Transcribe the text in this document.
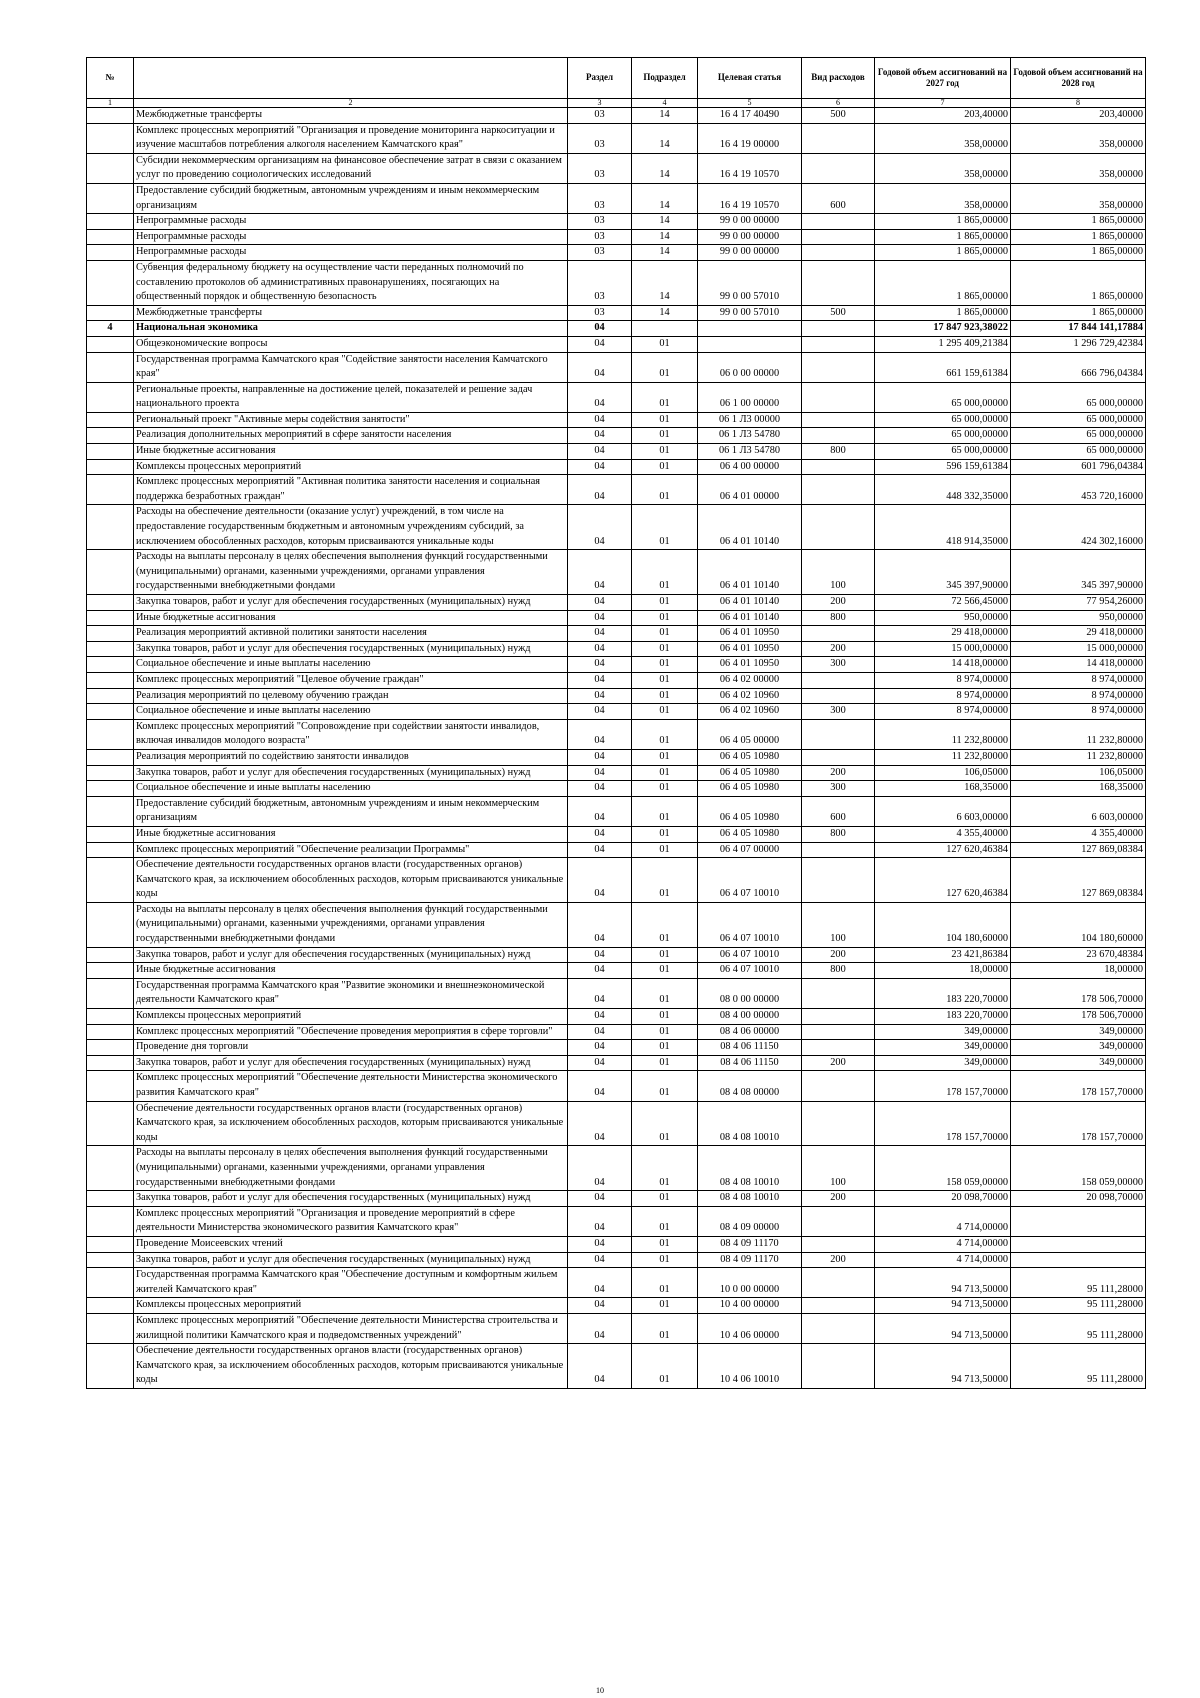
№		Раздел	Подраздел	Целевая статья	Вид расходов	Годовой объем ассигнований на 2027 год	Годовой объем ассигнований на 2028 год
1	2	3	4	5	6	7	8
	Межбюджетные трансферты	03	14	16 4 17 40490	500	203,40000	203,40000
	Комплекс процессных мероприятий "Организация и проведение мониторинга наркоситуации и изучение масштабов потребления алкоголя населением Камчатского края"	03	14	16 4 19 00000		358,00000	358,00000
	Субсидии некоммерческим организациям на финансовое обеспечение затрат в связи с оказанием услуг по проведению социологических исследований	03	14	16 4 19 10570		358,00000	358,00000
	Предоставление субсидий бюджетным, автономным учреждениям и иным некоммерческим организациям	03	14	16 4 19 10570	600	358,00000	358,00000
	Непрограммные расходы	03	14	99 0 00 00000		1 865,00000	1 865,00000
	Непрограммные расходы	03	14	99 0 00 00000		1 865,00000	1 865,00000
	Непрограммные расходы	03	14	99 0 00 00000		1 865,00000	1 865,00000
	Субвенция федеральному бюджету на осуществление части переданных полномочий по составлению протоколов об административных правонарушениях, посягающих на общественный порядок и общественную безопасность	03	14	99 0 00 57010		1 865,00000	1 865,00000
	Межбюджетные трансферты	03	14	99 0 00 57010	500	1 865,00000	1 865,00000
4	Национальная экономика	04				17 847 923,38022	17 844 141,17884
	Общеэкономические вопросы	04	01			1 295 409,21384	1 296 729,42384
	Государственная программа Камчатского края "Содействие занятости населения Камчатского края"	04	01	06 0 00 00000		661 159,61384	666 796,04384
	Региональные проекты, направленные на достижение целей, показателей и решение задач национального проекта	04	01	06 1 00 00000		65 000,00000	65 000,00000
	Региональный проект "Активные меры содействия занятости"	04	01	06 1 Л3 00000		65 000,00000	65 000,00000
	Реализация дополнительных мероприятий в сфере занятости населения	04	01	06 1 Л3 54780		65 000,00000	65 000,00000
	Иные бюджетные ассигнования	04	01	06 1 Л3 54780	800	65 000,00000	65 000,00000
	Комплексы процессных мероприятий	04	01	06 4 00 00000		596 159,61384	601 796,04384
	Комплекс процессных мероприятий "Активная политика занятости населения и социальная поддержка безработных граждан"	04	01	06 4 01 00000		448 332,35000	453 720,16000
	Расходы на обеспечение деятельности (оказание услуг) учреждений, в том числе на предоставление государственным бюджетным и автономным учреждениям субсидий, за исключением обособленных расходов, которым присваиваются уникальные коды	04	01	06 4 01 10140		418 914,35000	424 302,16000
	Расходы на выплаты персоналу в целях обеспечения выполнения функций государственными (муниципальными) органами, казенными учреждениями, органами управления государственными внебюджетными фондами	04	01	06 4 01 10140	100	345 397,90000	345 397,90000
	Закупка товаров, работ и услуг для обеспечения государственных (муниципальных) нужд	04	01	06 4 01 10140	200	72 566,45000	77 954,26000
	Иные бюджетные ассигнования	04	01	06 4 01 10140	800	950,00000	950,00000
	Реализация мероприятий активной политики занятости населения	04	01	06 4 01 10950		29 418,00000	29 418,00000
	Закупка товаров, работ и услуг для обеспечения государственных (муниципальных) нужд	04	01	06 4 01 10950	200	15 000,00000	15 000,00000
	Социальное обеспечение и иные выплаты населению	04	01	06 4 01 10950	300	14 418,00000	14 418,00000
	Комплекс процессных мероприятий "Целевое обучение граждан"	04	01	06 4 02 00000		8 974,00000	8 974,00000
	Реализация мероприятий по целевому обучению граждан	04	01	06 4 02 10960		8 974,00000	8 974,00000
	Социальное обеспечение и иные выплаты населению	04	01	06 4 02 10960	300	8 974,00000	8 974,00000
	Комплекс процессных мероприятий "Сопровождение при содействии занятости инвалидов, включая инвалидов молодого возраста"	04	01	06 4 05 00000		11 232,80000	11 232,80000
	Реализация мероприятий по содействию занятости инвалидов	04	01	06 4 05 10980		11 232,80000	11 232,80000
	Закупка товаров, работ и услуг для обеспечения государственных (муниципальных) нужд	04	01	06 4 05 10980	200	106,05000	106,05000
	Социальное обеспечение и иные выплаты населению	04	01	06 4 05 10980	300	168,35000	168,35000
	Предоставление субсидий бюджетным, автономным учреждениям и иным некоммерческим организациям	04	01	06 4 05 10980	600	6 603,00000	6 603,00000
	Иные бюджетные ассигнования	04	01	06 4 05 10980	800	4 355,40000	4 355,40000
	Комплекс процессных мероприятий "Обеспечение реализации Программы"	04	01	06 4 07 00000		127 620,46384	127 869,08384
	Обеспечение деятельности государственных органов власти (государственных органов) Камчатского края, за исключением обособленных расходов, которым присваиваются уникальные коды	04	01	06 4 07 10010		127 620,46384	127 869,08384
	Расходы на выплаты персоналу в целях обеспечения выполнения функций государственными (муниципальными) органами, казенными учреждениями, органами управления государственными внебюджетными фондами	04	01	06 4 07 10010	100	104 180,60000	104 180,60000
	Закупка товаров, работ и услуг для обеспечения государственных (муниципальных) нужд	04	01	06 4 07 10010	200	23 421,86384	23 670,48384
	Иные бюджетные ассигнования	04	01	06 4 07 10010	800	18,00000	18,00000
	Государственная программа Камчатского края "Развитие экономики и внешнеэкономической деятельности Камчатского края"	04	01	08 0 00 00000		183 220,70000	178 506,70000
	Комплексы процессных мероприятий	04	01	08 4 00 00000		183 220,70000	178 506,70000
	Комплекс процессных мероприятий "Обеспечение проведения мероприятия в сфере торговли"	04	01	08 4 06 00000		349,00000	349,00000
	Проведение дня торговли	04	01	08 4 06 11150		349,00000	349,00000
	Закупка товаров, работ и услуг для обеспечения государственных (муниципальных) нужд	04	01	08 4 06 11150	200	349,00000	349,00000
	Комплекс процессных мероприятий "Обеспечение деятельности Министерства экономического развития Камчатского края"	04	01	08 4 08 00000		178 157,70000	178 157,70000
	Обеспечение деятельности государственных органов власти (государственных органов) Камчатского края, за исключением обособленных расходов, которым присваиваются уникальные коды	04	01	08 4 08 10010		178 157,70000	178 157,70000
	Расходы на выплаты персоналу в целях обеспечения выполнения функций государственными (муниципальными) органами, казенными учреждениями, органами управления государственными внебюджетными фондами	04	01	08 4 08 10010	100	158 059,00000	158 059,00000
	Закупка товаров, работ и услуг для обеспечения государственных (муниципальных) нужд	04	01	08 4 08 10010	200	20 098,70000	20 098,70000
	Комплекс процессных мероприятий "Организация и проведение мероприятий в сфере деятельности Министерства экономического развития Камчатского края"	04	01	08 4 09 00000		4 714,00000	
	Проведение Моисеевских чтений	04	01	08 4 09 11170		4 714,00000	
	Закупка товаров, работ и услуг для обеспечения государственных (муниципальных) нужд	04	01	08 4 09 11170	200	4 714,00000	
	Государственная программа Камчатского края "Обеспечение доступным и комфортным жильем жителей Камчатского края"	04	01	10 0 00 00000		94 713,50000	95 111,28000
	Комплексы процессных мероприятий	04	01	10 4 00 00000		94 713,50000	95 111,28000
	Комплекс процессных мероприятий "Обеспечение деятельности Министерства строительства и жилищной политики Камчатского края и подведомственных учреждений"	04	01	10 4 06 00000		94 713,50000	95 111,28000
	Обеспечение деятельности государственных органов власти (государственных органов) Камчатского края, за исключением обособленных расходов, которым присваиваются уникальные коды	04	01	10 4 06 10010		94 713,50000	95 111,28000
10
